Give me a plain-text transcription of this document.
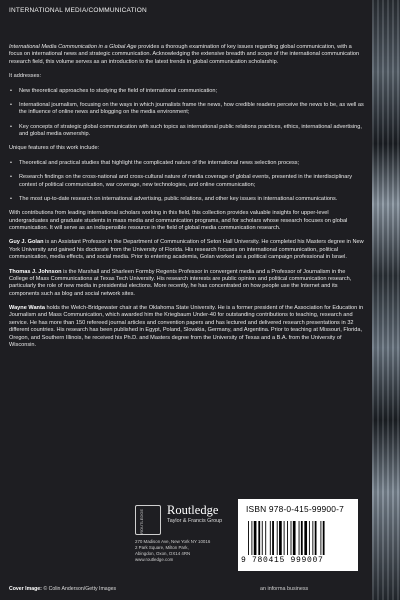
INTERNATIONAL MEDIA/COMMUNICATION

International Media Communication in a Global Age provides a thorough examination of key issues regarding global communication, with a focus on international news and strategic communication. Acknowledging the extensive breadth and scope of the international communication research field, this volume serves as an introduction to the latest trends in global communication scholarship.

It addresses:

• New theoretical approaches to studying the field of international communication;
• International journalism, focusing on the ways in which journalists frame the news, how credible readers perceive the news to be, as well as the influence of online news and blogging on the media environment;
• Key concepts of strategic global communication with such topics as international public relations practices, ethics, international advertising, and global media ownership.

Unique features of this work include:

• Theoretical and practical studies that highlight the complicated nature of the international news selection process;
• Research findings on the cross-national and cross-cultural nature of media coverage of global events, presented in the interdisciplinary context of political communication, war coverage, new technologies, and online communication;
• The most up-to-date research on international advertising, public relations, and other key issues in international communications.

With contributions from leading international scholars working in this field, this collection provides valuable insights for upper-level undergraduates and graduate students in mass media and communication programs, and for scholars whose research focuses on global communication. It will serve as an indispensible resource in the field of global media communication research.

Guy J. Golan is an Assistant Professor in the Department of Communication of Seton Hall University. He completed his Masters degree in New York University and gained his doctorate from the University of Florida. His research focuses on international communication, political communication, media effects, and social media. Prior to entering academia, Golan worked as a political campaign professional in Israel.

Thomas J. Johnson is the Marshall and Sharleen Formby Regents Professor in convergent media and a Professor of Journalism in the College of Mass Communications at Texas Tech University. His research interests are public opinion and political communication research, particularly the role of new media in presidential elections. More recently, he has concentrated on how people use the Internet and its components such as blog and social network sites.

Wayne Wanta holds the Welch-Bridgewater chair at the Oklahoma State University. He is a former president of the Association for Education in Journalism and Mass Communication, which awarded him the Kriegbaum Under-40 for outstanding contributions to teaching, research and service. He has more than 150 refereed journal articles and convention papers and has lectured and delivered research presentations in 32 different countries. His research has been published in Egypt, Poland, Slovakia, Germany, and Argentina. Prior to teaching at Missouri, Florida, Oregon, and Southern Illinois, he received his Ph.D. and Masters degree from the University of Texas and a B.A. from the University of Wisconsin.

ROUTLEDGE Routledge
Taylor & Francis Group
270 Madison Ave, New York NY 10016
2 Park Square, Milton Park,
Abingdon, Oxon, OX14 4RN
www.routledge.com
ISBN 978-0-415-99900-7
9 780415 999007
Cover Image: © Colin Anderson/Getty Images	an informa business
